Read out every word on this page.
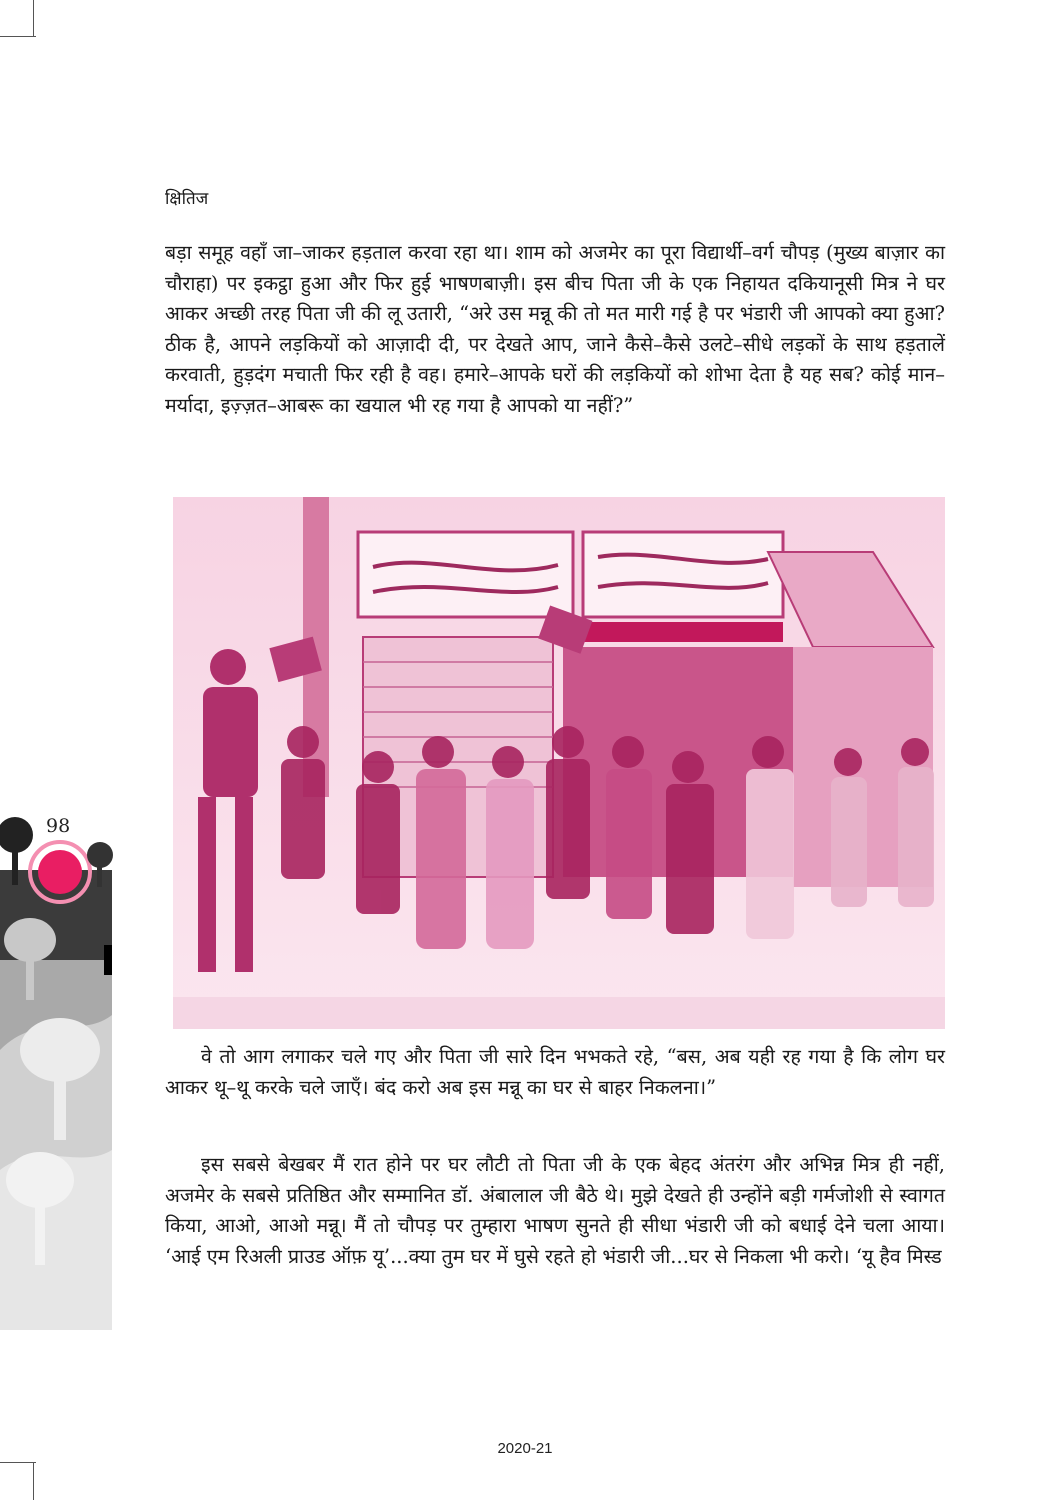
क्षितिज

बड़ा समूह वहाँ जा–जाकर हड़ताल करवा रहा था। शाम को अजमेर का पूरा विद्यार्थी–वर्ग चौपड़ (मुख्य बाज़ार का चौराहा) पर इकट्ठा हुआ और फिर हुई भाषणबाज़ी। इस बीच पिता जी के एक निहायत दकियानूसी मित्र ने घर आकर अच्छी तरह पिता जी की लू उतारी, “अरे उस मन्नू की तो मत मारी गई है पर भंडारी जी आपको क्या हुआ? ठीक है, आपने लड़कियों को आज़ादी दी, पर देखते आप, जाने कैसे–कैसे उलटे–सीधे लड़कों के साथ हड़तालें करवाती, हुड़दंग मचाती फिर रही है वह। हमारे–आपके घरों की लड़कियों को शोभा देता है यह सब? कोई मान–मर्यादा, इज़्ज़त–आबरू का खयाल भी रह गया है आपको या नहीं?”

वे तो आग लगाकर चले गए और पिता जी सारे दिन भभकते रहे, “बस, अब यही रह गया है कि लोग घर आकर थू–थू करके चले जाएँ। बंद करो अब इस मन्नू का घर से बाहर निकलना।”

इस सबसे बेखबर मैं रात होने पर घर लौटी तो पिता जी के एक बेहद अंतरंग और अभिन्न मित्र ही नहीं, अजमेर के सबसे प्रतिष्ठित और सम्मानित डॉ. अंबालाल जी बैठे थे। मुझे देखते ही उन्होंने बड़ी गर्मजोशी से स्वागत किया, आओ, आओ मन्नू। मैं तो चौपड़ पर तुम्हारा भाषण सुनते ही सीधा भंडारी जी को बधाई देने चला आया। ‘आई एम रिअली प्राउड ऑफ़ यू’...क्या तुम घर में घुसे रहते हो भंडारी जी...घर से निकला भी करो। ‘यू हैव मिस्ड

98
2020-21
